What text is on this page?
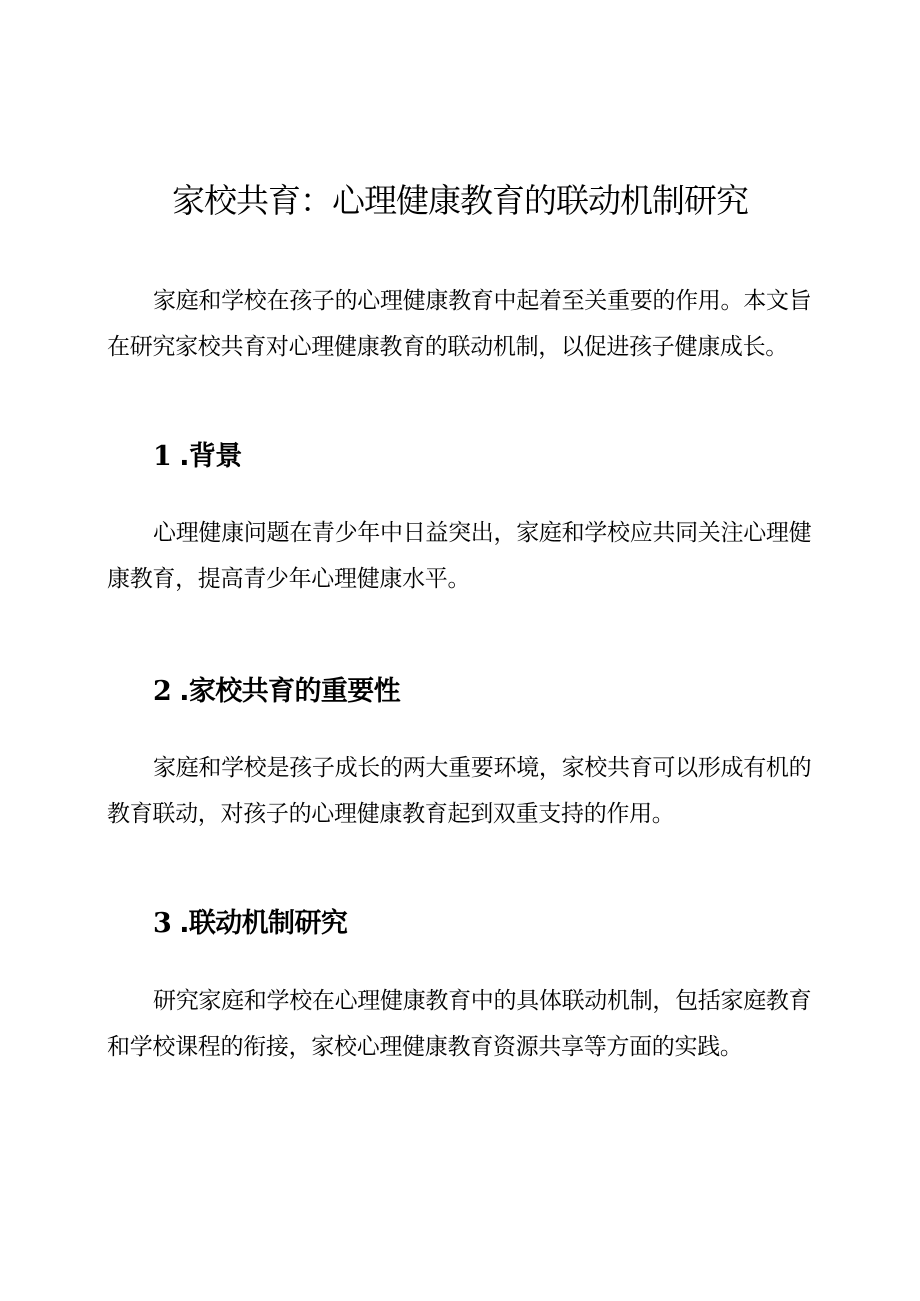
家校共育：心理健康教育的联动机制研究

家庭和学校在孩子的心理健康教育中起着至关重要的作用。本文旨在研究家校共育对心理健康教育的联动机制，以促进孩子健康成长。

1 .背景

心理健康问题在青少年中日益突出，家庭和学校应共同关注心理健康教育，提高青少年心理健康水平。

2 .家校共育的重要性

家庭和学校是孩子成长的两大重要环境，家校共育可以形成有机的教育联动，对孩子的心理健康教育起到双重支持的作用。

3 .联动机制研究

研究家庭和学校在心理健康教育中的具体联动机制，包括家庭教育和学校课程的衔接，家校心理健康教育资源共享等方面的实践。
